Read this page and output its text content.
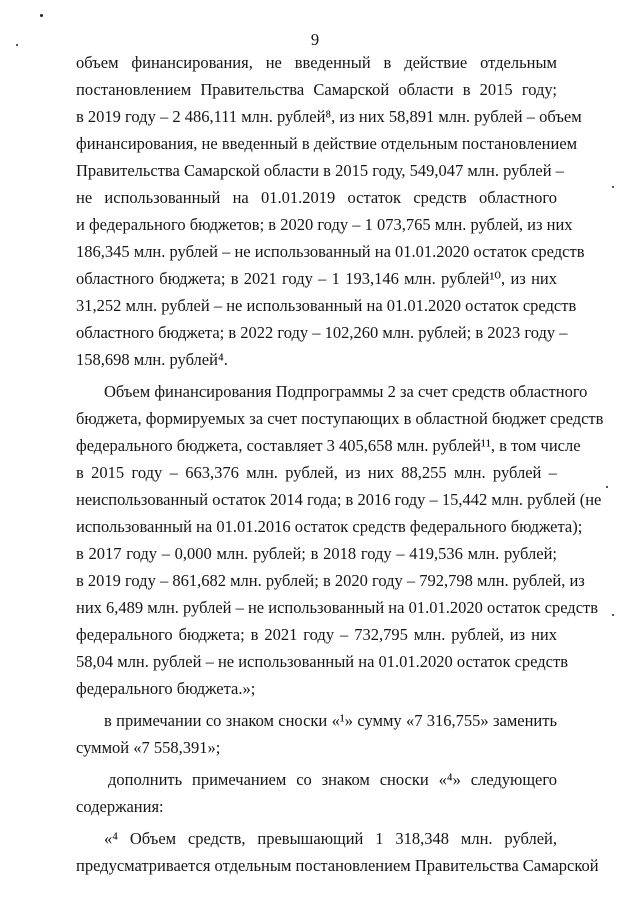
9
объем финансирования, не введенный в действие отдельным
постановлением Правительства Самарской области в 2015 году;
в 2019 году – 2 486,111 млн. рублей⁸, из них 58,891 млн. рублей – объем
финансирования, не введенный в действие отдельным постановлением
Правительства Самарской области в 2015 году, 549,047 млн. рублей –
не использованный на 01.01.2019 остаток средств областного
и федерального бюджетов; в 2020 году – 1 073,765 млн. рублей, из них
186,345 млн. рублей – не использованный на 01.01.2020 остаток средств
областного бюджета; в 2021 году – 1 193,146 млн. рублей¹⁰, из них
31,252 млн. рублей – не использованный на 01.01.2020 остаток средств
областного бюджета; в 2022 году – 102,260 млн. рублей; в 2023 году –
158,698 млн. рублей⁴.
Объем финансирования Подпрограммы 2 за счет средств областного
бюджета, формируемых за счет поступающих в областной бюджет средств
федерального бюджета, составляет 3 405,658 млн. рублей¹¹, в том числе
в 2015 году – 663,376 млн. рублей, из них 88,255 млн. рублей –
неиспользованный остаток 2014 года; в 2016 году – 15,442 млн. рублей (не
использованный на 01.01.2016 остаток средств федерального бюджета);
в 2017 году – 0,000 млн. рублей; в 2018 году – 419,536 млн. рублей;
в 2019 году – 861,682 млн. рублей; в 2020 году – 792,798 млн. рублей, из
них 6,489 млн. рублей – не использованный на 01.01.2020 остаток средств
федерального бюджета; в 2021 году – 732,795 млн. рублей, из них
58,04 млн. рублей – не использованный на 01.01.2020 остаток средств
федерального бюджета.»;
в примечании со знаком сноски «¹» сумму «7 316,755» заменить
суммой «7 558,391»;
дополнить примечанием со знаком сноски «⁴» следующего
содержания:
«⁴ Объем средств, превышающий 1 318,348 млн. рублей,
предусматривается отдельным постановлением Правительства Самарской
